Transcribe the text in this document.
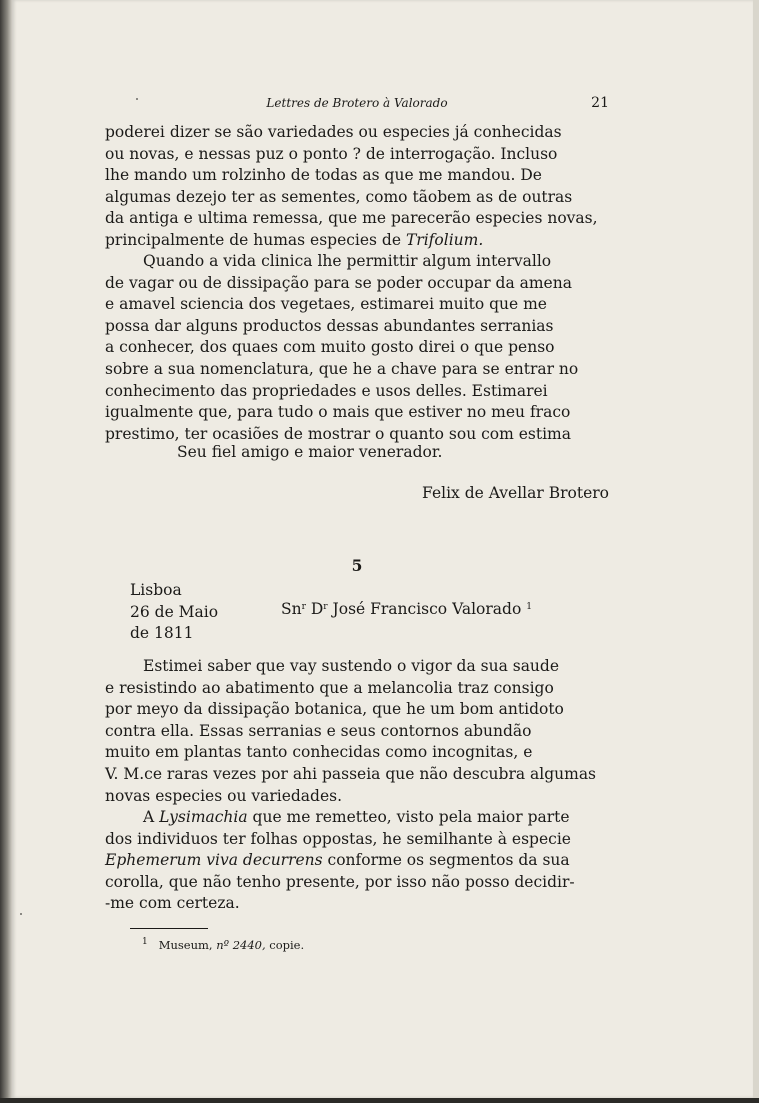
Lettres de Brotero à Valorado	21

poderei dizer se são variedades ou especies já conhecidas

ou novas, e nessas puz o ponto ? de interrogação. Incluso

lhe mando um rolzinho de todas as que me mandou. De

algumas dezejo ter as sementes, como tãobem as de outras

da antiga e ultima remessa, que me parecerão especies novas,

principalmente de humas especies de Trifolium.

Quando a vida clinica lhe permittir algum intervallo

de vagar ou de dissipação para se poder occupar da amena

e amavel sciencia dos vegetaes, estimarei muito que me

possa dar alguns productos dessas abundantes serranias

a conhecer, dos quaes com muito gosto direi o que penso

sobre a sua nomenclatura, que he a chave para se entrar no

conhecimento das propriedades e usos delles. Estimarei

igualmente que, para tudo o mais que estiver no meu fraco

prestimo, ter ocasiões de mostrar o quanto sou com estima

Seu fiel amigo e maior venerador.
Felix de Avellar Brotero
5
Lisboa
26 de Maio
de 1811
Sn$^r$ $D^r$ José Francisco Valorado $^1$

Estimei saber que vay sustendo o vigor da sua saude

e resistindo ao abatimento que a melancolia traz consigo

por meyo da dissipação botanica, que he um bom antidoto

contra ella. Essas serranias e seus contornos abundão

muito em plantas tanto conhecidas como incognitas, e

V. M.ce raras vezes por ahi passeia que não descubra algumas

novas especies ou variedades.

A Lysimachia que me remetteo, visto pela maior parte

dos individuos ter folhas oppostas, he semilhante à especie

Ephemerum viva decurrens conforme os segmentos da sua

corolla, que não tenho presente, por isso não posso decidir-

-me com certeza.

$^1$ Museum, nº 2440, copie.
